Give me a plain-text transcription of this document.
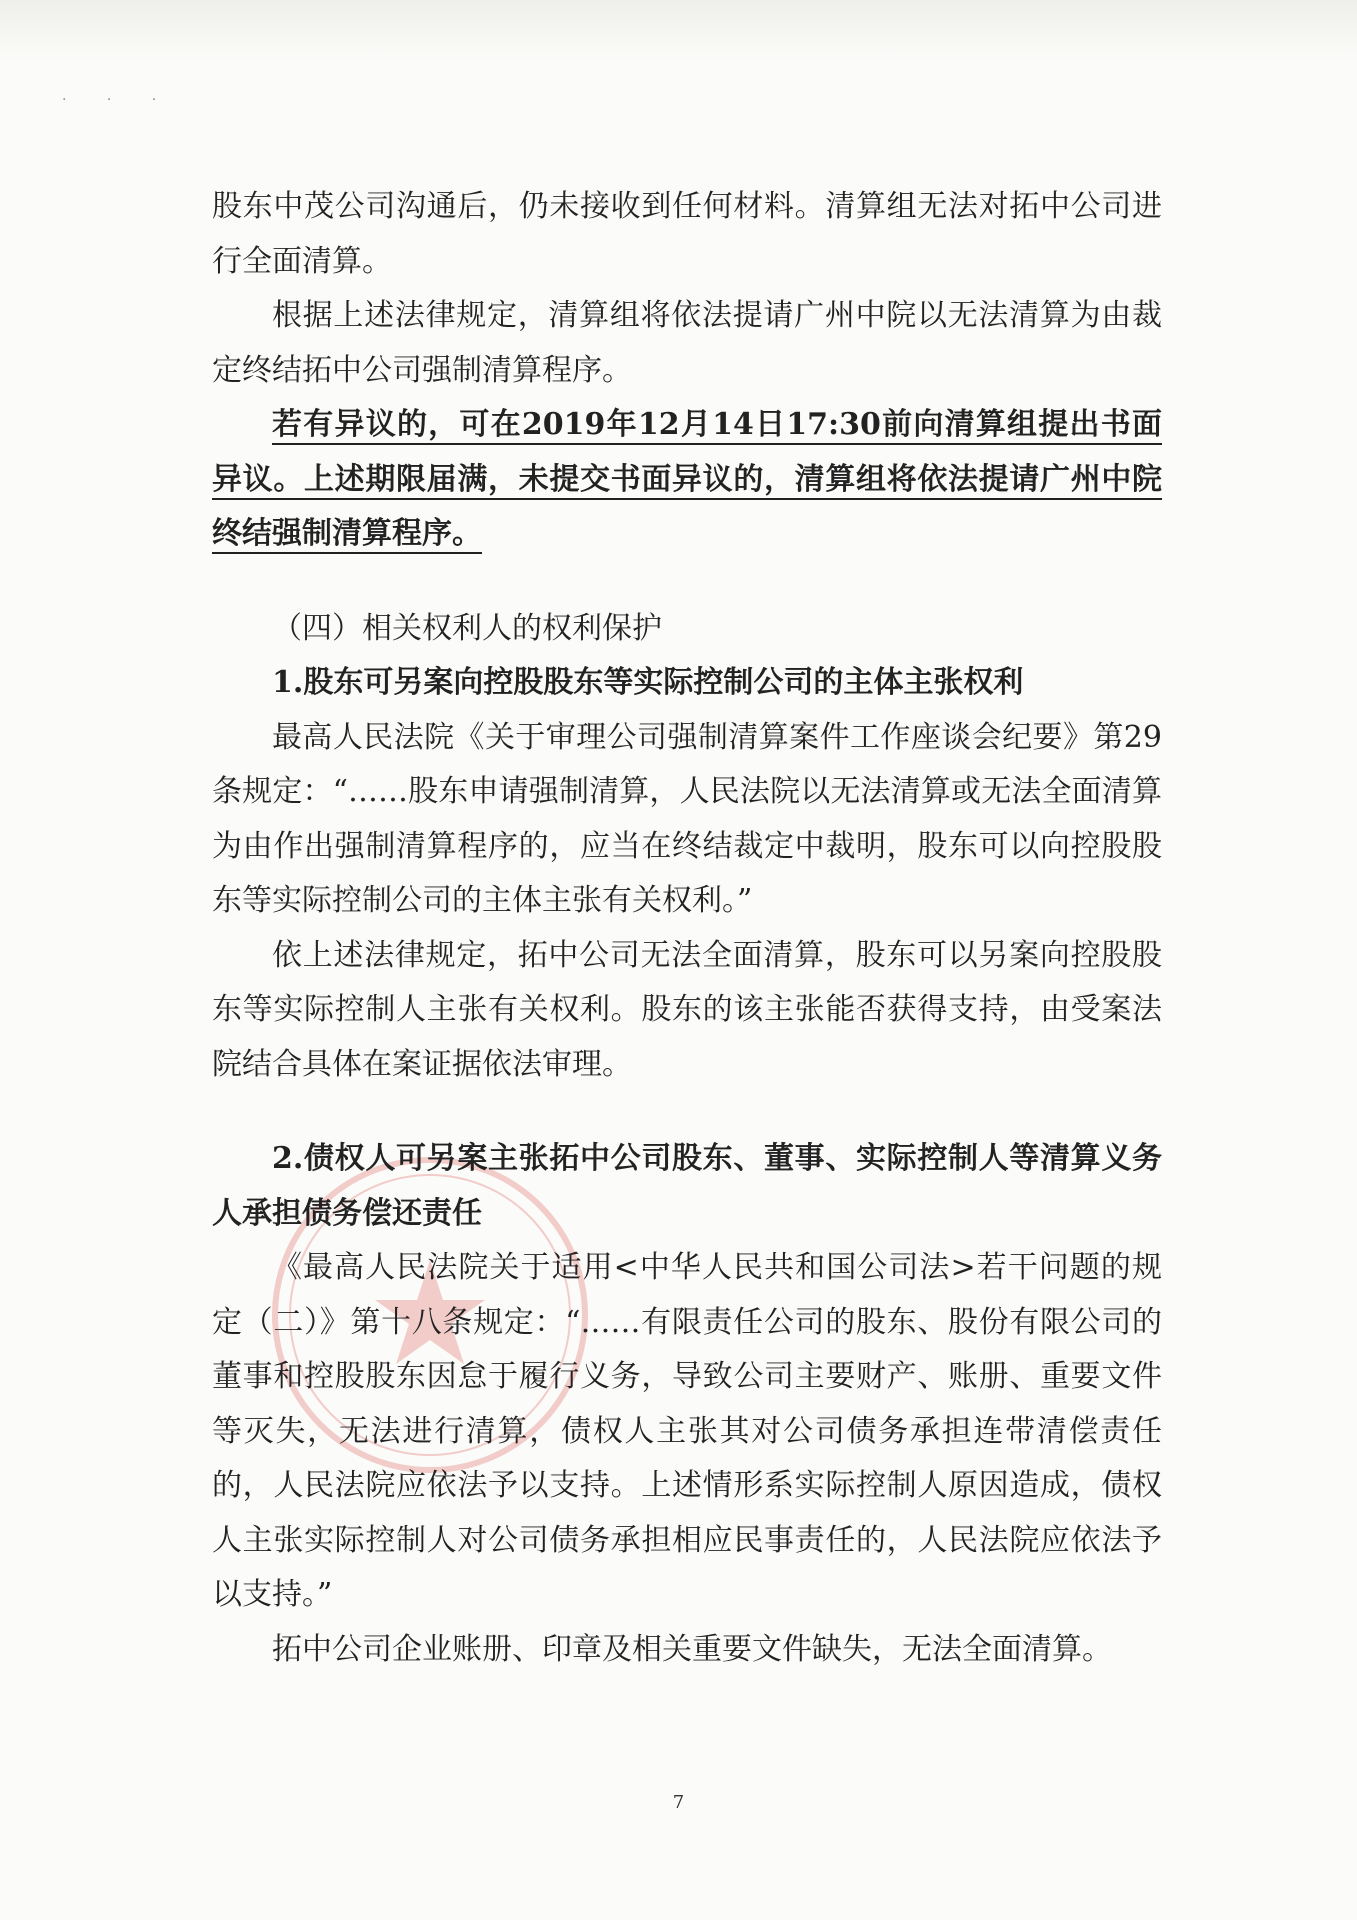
· · ·

股东中茂公司沟通后，仍未接收到任何材料。清算组无法对拓中公司进行全面清算。

根据上述法律规定，清算组将依法提请广州中院以无法清算为由裁定终结拓中公司强制清算程序。

若有异议的，可在2019年12月14日17:30前向清算组提出书面异议。上述期限届满，未提交书面异议的，清算组将依法提请广州中院终结强制清算程序。

（四）相关权利人的权利保护

1.股东可另案向控股股东等实际控制公司的主体主张权利

最高人民法院《关于审理公司强制清算案件工作座谈会纪要》第29条规定：“……股东申请强制清算，人民法院以无法清算或无法全面清算为由作出强制清算程序的，应当在终结裁定中裁明，股东可以向控股股东等实际控制公司的主体主张有关权利。”

依上述法律规定，拓中公司无法全面清算，股东可以另案向控股股东等实际控制人主张有关权利。股东的该主张能否获得支持，由受案法院结合具体在案证据依法审理。

2.债权人可另案主张拓中公司股东、董事、实际控制人等清算义务人承担债务偿还责任

《最高人民法院关于适用<中华人民共和国公司法>若干问题的规定（二）》第十八条规定：“……有限责任公司的股东、股份有限公司的董事和控股股东因怠于履行义务，导致公司主要财产、账册、重要文件等灭失，无法进行清算，债权人主张其对公司债务承担连带清偿责任的，人民法院应依法予以支持。上述情形系实际控制人原因造成，债权人主张实际控制人对公司债务承担相应民事责任的，人民法院应依法予以支持。”

拓中公司企业账册、印章及相关重要文件缺失，无法全面清算。

7
